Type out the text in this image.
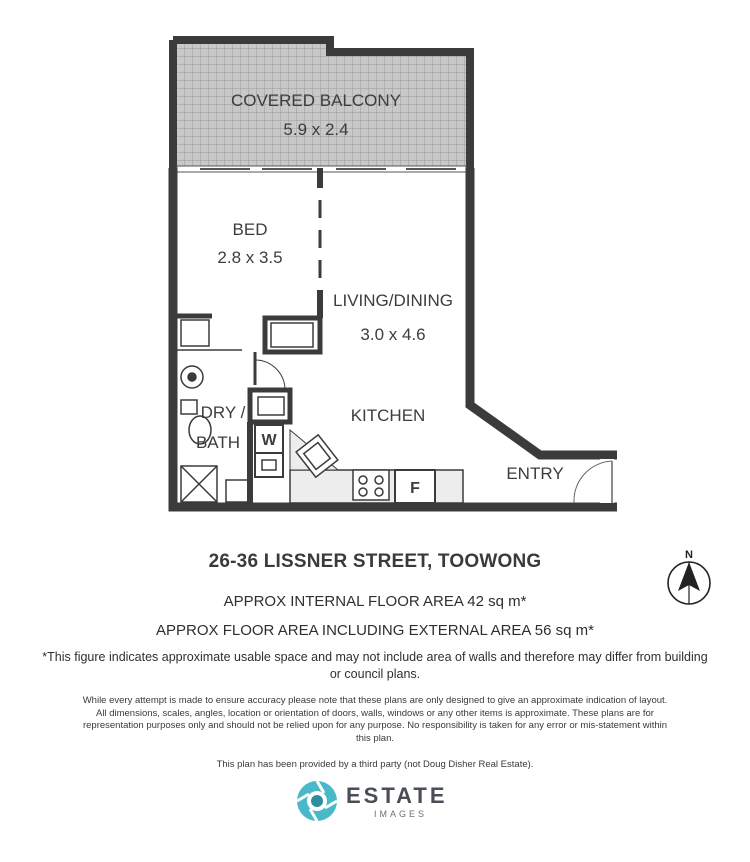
COVERED BALCONY
5.9 x 2.4
BED
2.8 x 3.5
LIVING/DINING
3.0 x 4.6
KITCHEN
DRY /
BATH
ENTRY
W
F
N

26-36 LISSNER STREET, TOOWONG

APPROX INTERNAL FLOOR AREA 42 sq m*

APPROX FLOOR AREA INCLUDING EXTERNAL AREA 56 sq m*

*This figure indicates approximate usable space and may not include area of walls and therefore may differ from building or council plans.

While every attempt is made to ensure accuracy please note that these plans are only designed to give an approximate indication of layout. All dimensions, scales, angles, location or orientation of doors, walls, windows or any other items is approximate. These plans are for representation purposes only and should not be relied upon for any purpose. No responsibility is taken for any error or mis-statement within this plan.

This plan has been provided by a third party (not Doug Disher Real Estate).

ESTATE
IMAGES
